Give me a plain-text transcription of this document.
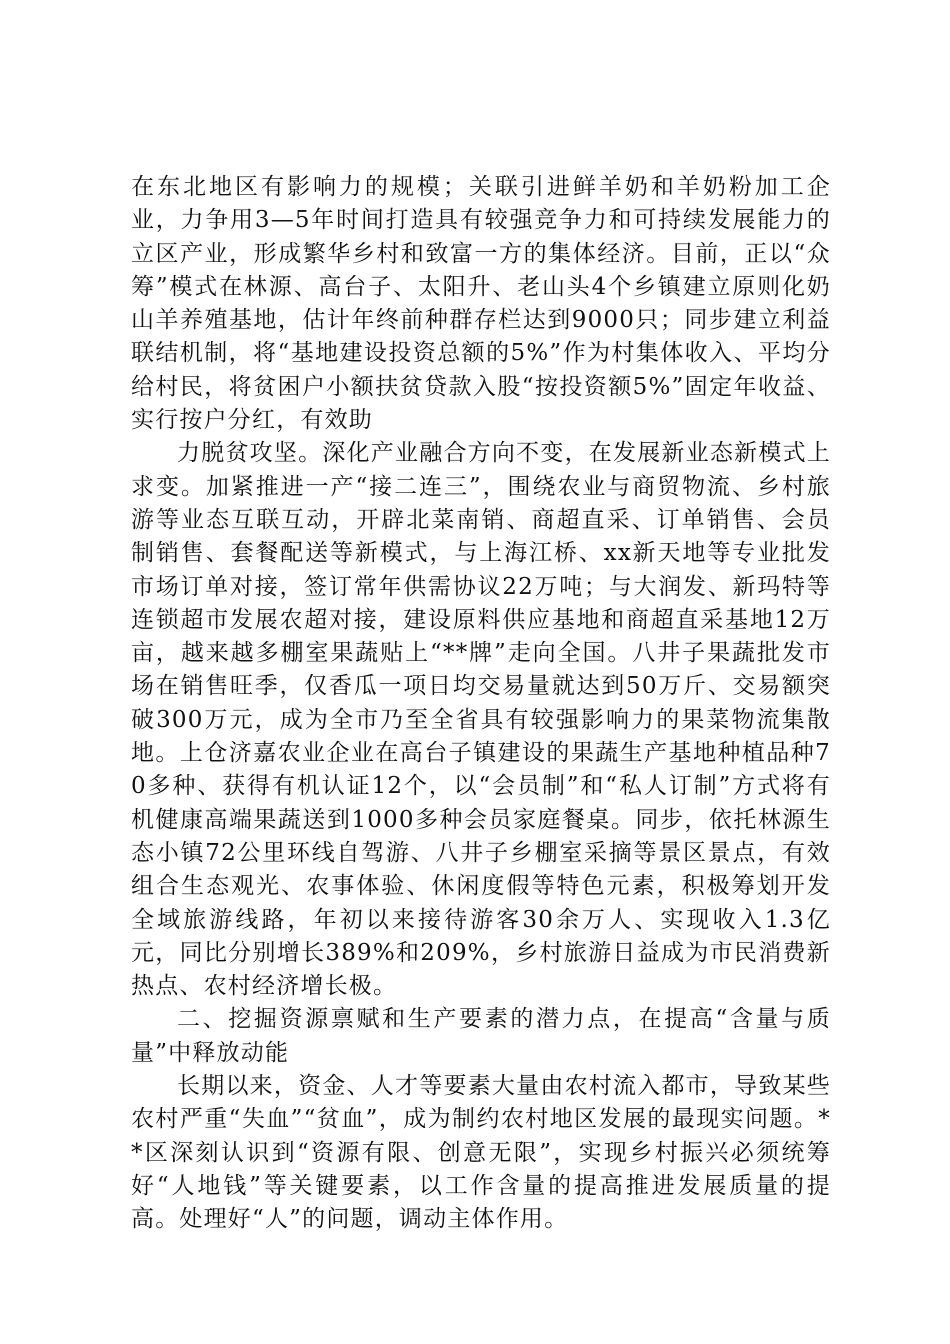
在东北地区有影响力的规模；关联引进鲜羊奶和羊奶粉加工企业，力争用3—5年时间打造具有较强竞争力和可持续发展能力的立区产业，形成繁华乡村和致富一方的集体经济。目前，正以“众筹”模式在林源、高台子、太阳升、老山头4个乡镇建立原则化奶山羊养殖基地，估计年终前种群存栏达到9000只；同步建立利益联结机制，将“基地建设投资总额的5%”作为村集体收入、平均分给村民，将贫困户小额扶贫贷款入股“按投资额5%”固定年收益、实行按户分红，有效助

力脱贫攻坚。深化产业融合方向不变，在发展新业态新模式上求变。加紧推进一产“接二连三”，围绕农业与商贸物流、乡村旅游等业态互联互动，开辟北菜南销、商超直采、订单销售、会员制销售、套餐配送等新模式，与上海江桥、xx新天地等专业批发市场订单对接，签订常年供需协议22万吨；与大润发、新玛特等连锁超市发展农超对接，建设原料供应基地和商超直采基地12万亩，越来越多棚室果蔬贴上“**牌”走向全国。八井子果蔬批发市场在销售旺季，仅香瓜一项日均交易量就达到50万斤、交易额突破300万元，成为全市乃至全省具有较强影响力的果菜物流集散地。上仓济嘉农业企业在高台子镇建设的果蔬生产基地种植品种70多种、获得有机认证12个，以“会员制”和“私人订制”方式将有机健康高端果蔬送到1000多种会员家庭餐桌。同步，依托林源生态小镇72公里环线自驾游、八井子乡棚室采摘等景区景点，有效组合生态观光、农事体验、休闲度假等特色元素，积极筹划开发全域旅游线路，年初以来接待游客30余万人、实现收入1.3亿元，同比分别增长389%和209%，乡村旅游日益成为市民消费新热点、农村经济增长极。

二、挖掘资源禀赋和生产要素的潜力点，在提高“含量与质量”中释放动能

长期以来，资金、人才等要素大量由农村流入都市，导致某些农村严重“失血”“贫血”，成为制约农村地区发展的最现实问题。**区深刻认识到“资源有限、创意无限”，实现乡村振兴必须统筹好“人地钱”等关键要素，以工作含量的提高推进发展质量的提高。处理好“人”的问题，调动主体作用。
